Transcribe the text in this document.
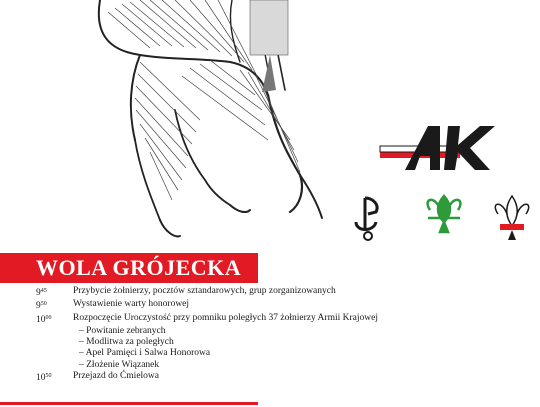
WOLA GRÓJECKA
$9^{45}$	Przybycie żołnierzy, pocztów sztandarowych, grup zorganizowanych
$9^{50}$	Wystawienie warty honorowej
$10^{00}$	Rozpoczęcie Uroczystość przy pomniku poległych 37 żołnierzy Armii Krajowej
– Powitanie zebranych
– Modlitwa za poległych
– Apel Pamięci i Salwa Honorowa
– Złożenie Wiązanek
$10^{50}$	Przejazd do Ćmielowa
